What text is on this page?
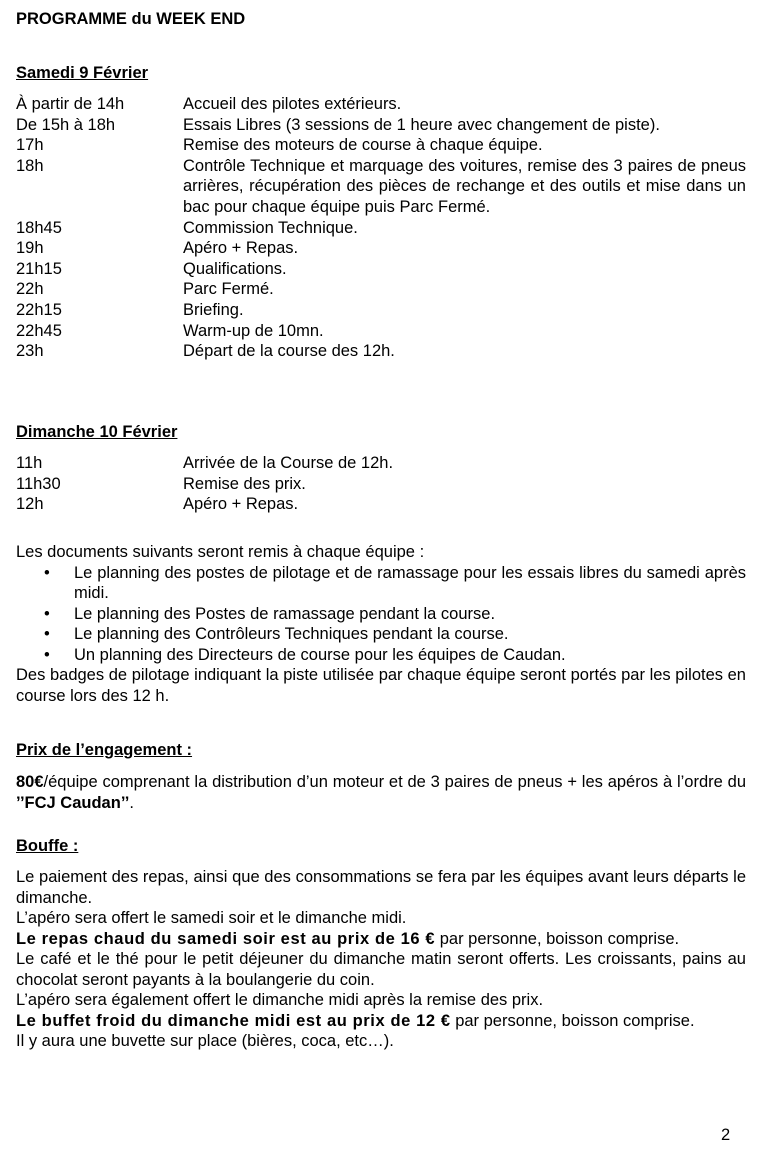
PROGRAMME du WEEK END
Samedi 9 Février
À partir de 14h	Accueil des pilotes extérieurs.
De 15h à 18h	Essais Libres (3 sessions de 1 heure avec changement de piste).
17h	Remise des moteurs de course à chaque équipe.
18h	Contrôle Technique et marquage des voitures, remise des 3 paires de pneus arrières, récupération des pièces de rechange et des outils et mise dans un bac pour chaque équipe puis Parc Fermé.
18h45	Commission Technique.
19h	Apéro + Repas.
21h15	Qualifications.
22h	Parc Fermé.
22h15	Briefing.
22h45	Warm-up de 10mn.
23h	Départ de la course des 12h.
Dimanche 10 Février
11h	Arrivée de la Course de 12h.
11h30	Remise des prix.
12h	Apéro + Repas.
Les documents suivants seront remis à chaque équipe :
• Le planning des postes de pilotage et de ramassage pour les essais libres du samedi après midi.
• Le planning des Postes de ramassage pendant la course.
• Le planning des Contrôleurs Techniques pendant la course.
• Un planning des Directeurs de course pour les équipes de Caudan.
Des badges de pilotage indiquant la piste utilisée par chaque équipe seront portés par les pilotes en course lors des 12 h.
Prix de l’engagement :
80€/équipe comprenant la distribution d’un moteur et de 3 paires de pneus + les apéros à l’ordre du ’’FCJ Caudan’’.
Bouffe :
Le paiement des repas, ainsi que des consommations se fera par les équipes avant leurs départs le dimanche.
L’apéro sera offert le samedi soir et le dimanche midi.
Le repas chaud du samedi soir est au prix de 16 € par personne, boisson comprise.
Le café et le thé pour le petit déjeuner du dimanche matin seront offerts. Les croissants, pains au chocolat seront payants à la boulangerie du coin.
L’apéro sera également offert le dimanche midi après la remise des prix.
Le buffet froid du dimanche midi est au prix de 12 € par personne, boisson comprise.
Il y aura une buvette sur place (bières, coca, etc…).
2
